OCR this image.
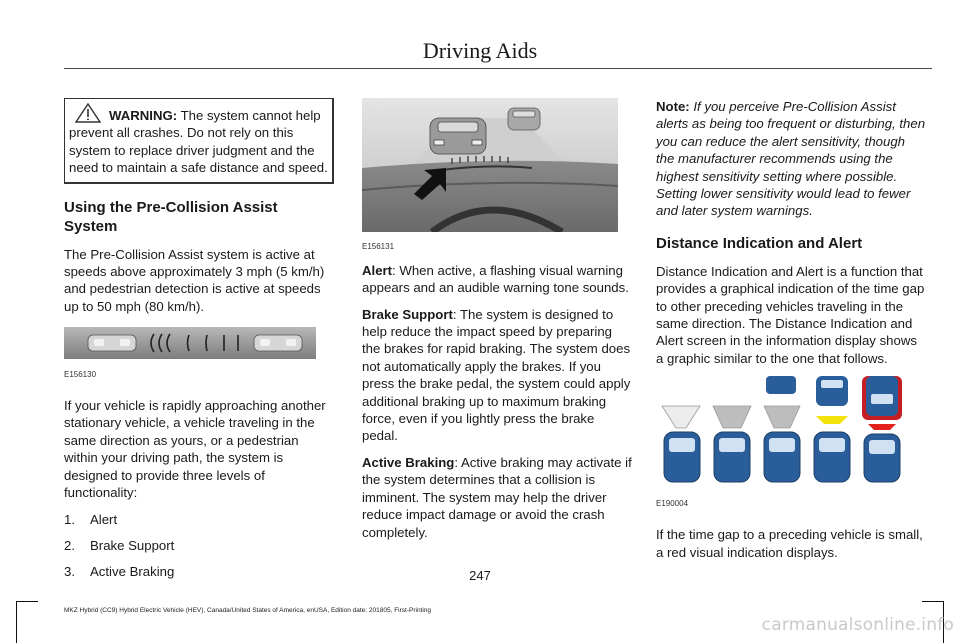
Driving Aids
WARNING: The system cannot help prevent all crashes. Do not rely on this system to replace driver judgment and the need to maintain a safe distance and speed.
Using the Pre-Collision Assist System

The Pre-Collision Assist system is active at speeds above approximately 3 mph (5 km/h) and pedestrian detection is active at speeds up to 50 mph (80 km/h).

E156130

If your vehicle is rapidly approaching another stationary vehicle, a vehicle traveling in the same direction as yours, or a pedestrian within your driving path, the system is designed to provide three levels of functionality:

1. Alert
2. Brake Support
3. Active Braking
E156131

Alert: When active, a flashing visual warning appears and an audible warning tone sounds.

Brake Support: The system is designed to help reduce the impact speed by preparing the brakes for rapid braking. The system does not automatically apply the brakes. If you press the brake pedal, the system could apply additional braking up to maximum braking force, even if you lightly press the brake pedal.

Active Braking: Active braking may activate if the system determines that a collision is imminent. The system may help the driver reduce impact damage or avoid the crash completely.

Note: If you perceive Pre-Collision Assist alerts as being too frequent or disturbing, then you can reduce the alert sensitivity, though the manufacturer recommends using the highest sensitivity setting where possible. Setting lower sensitivity would lead to fewer and later system warnings.

Distance Indication and Alert

Distance Indication and Alert is a function that provides a graphical indication of the time gap to other preceding vehicles traveling in the same direction. The Distance Indication and Alert screen in the information display shows a graphic similar to the one that follows.

E190004

If the time gap to a preceding vehicle is small, a red visual indication displays.

247
MKZ Hybrid (CC9) Hybrid Electric Vehicle (HEV), Canada/United States of America, enUSA, Edition date: 201805, First-Printing
carmanualsonline.info
